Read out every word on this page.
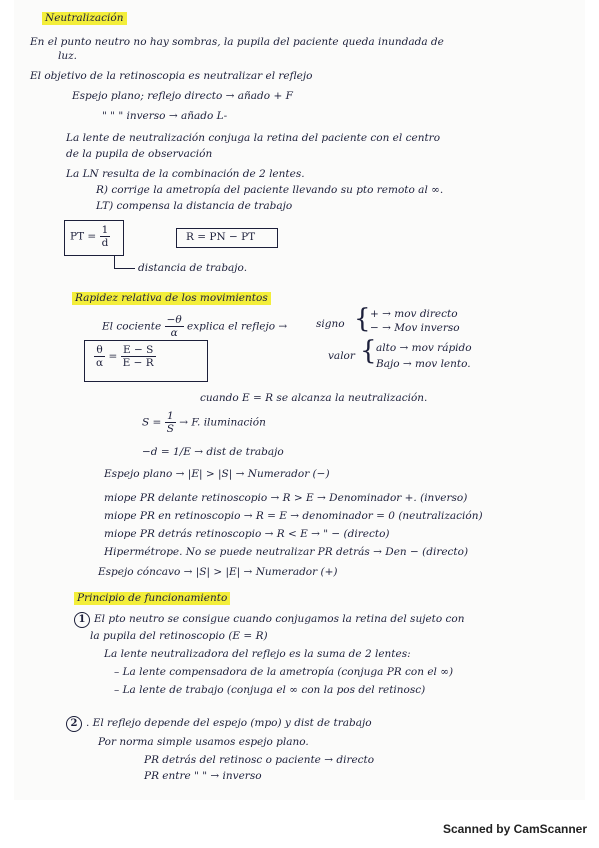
Neutralización
En el punto neutro no hay sombras, la pupila del paciente queda inundada de
luz.
El objetivo de la retinoscopia es neutralizar el reflejo
Espejo plano; reflejo directo → añado + F
" " " inverso → añado L-
La lente de neutralización conjuga la retina del paciente con el centro
de la pupila de observación
La LN resulta de la combinación de 2 lentes.
R) corrige la ametropía del paciente llevando su pto remoto al ∞.
LT) compensa la distancia de trabajo
PT = $\frac{1}{d}$	R = PN − PT
distancia de trabajo.
Rapidez relativa de los movimientos
El cociente $\frac{-\theta}{\alpha}$ explica el reflejo →	signo { + → mov directo
− → Mov inverso
$\frac{\theta}{\alpha} = \frac{E - S}{E - R}$	valor { alto → mov rápido
Bajo → mov lento.
cuando E = R se alcanza la neutralización.
$S = \frac{1}{S} \to F$. iluminación
−d = 1/E → dist de trabajo
Espejo plano → |E| > |S| → Numerador (−)
miope PR delante retinoscopio → R > E → Denominador +. (inverso)
miope PR en retinoscopio → R = E → denominador = 0 (neutralización)
miope PR detrás retinoscopio → R < E → " − (directo)
Hipermétrope. No se puede neutralizar PR detrás → Den − (directo)
Espejo cóncavo → |S| > |E| → Numerador (+)
Principio de funcionamiento
1 El pto neutro se consigue cuando conjugamos la retina del sujeto con
la pupila del retinoscopio (E = R)
La lente neutralizadora del reflejo es la suma de 2 lentes:
– La lente compensadora de la ametropía (conjuga PR con el ∞)
– La lente de trabajo (conjuga el ∞ con la pos del retinosc)
2 . El reflejo depende del espejo (mpo) y dist de trabajo
Por norma simple usamos espejo plano.
PR detrás del retinosc o paciente → directo
PR entre " " → inverso
Scanned by CamScanner
